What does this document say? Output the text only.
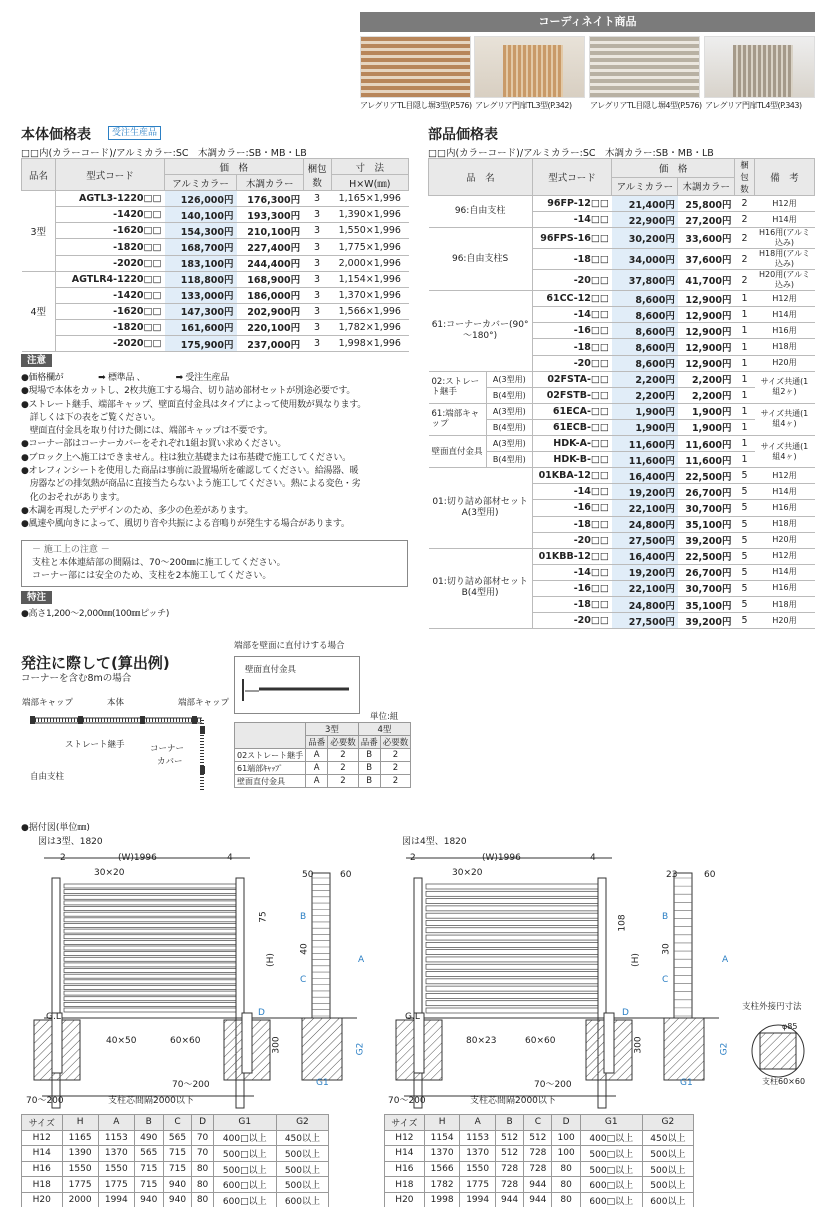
コーディネイト商品
アレグリアTL目隠し塀3型(P.576) アレグリア門扉TL3型(P.342) アレグリアTL目隠し塀4型(P.576) アレグリア門扉TL4型(P.343)
本体価格表	受注生産品
□□内(カラーコード)/アルミカラー:SC　木調カラー:SB・MB・LB
品名	型式コード	価　格		梱包数	寸　法
		アルミカラー	木調カラー		H×W(㎜)
3型	AGTL3-1220□□	126,000円	176,300円	3	1,165×1,996
	-1420□□	140,100円	193,300円	3	1,390×1,996
	-1620□□	154,300円	210,100円	3	1,550×1,996
	-1820□□	168,700円	227,400円	3	1,775×1,996
	-2020□□	183,100円	244,400円	3	2,000×1,996
4型	AGTLR4-1220□□	118,800円	168,900円	3	1,154×1,996
	-1420□□	133,000円	186,000円	3	1,370×1,996
	-1620□□	147,300円	202,900円	3	1,566×1,996
	-1820□□	161,600円	220,100円	3	1,782×1,996
	-2020□□	175,900円	237,000円	3	1,998×1,996
注意
●価格欄が　　　　➡ 標準品 、　　　　➡ 受注生産品
●現場で本体をカットし、2枚共施工する場合、切り詰め部材セットが別途必要です。
●ストレート継手、端部キャップ、壁面直付金具はタイプによって使用数が異なります。
　詳しくは下の表をご覧ください。
　壁面直付金具を取り付けた側には、端部キャップは不要です。
●コーナー部はコーナーカバーをそれぞれ1組お買い求めください。
●ブロック上へ施工はできません。柱は独立基礎または布基礎で施工してください。
●オレフィンシートを使用した商品は事前に設置場所を確認してください。給湯器、暖
　房器などの排気熱が商品に直接当たらないよう施工してください。熱による変色・劣
　化のおそれがあります。
●木調を再現したデザインのため、多少の色差があります。
●風速や風向きによって、風切り音や共振による音鳴りが発生する場合があります。
－ 施工上の注意 －
支柱と本体連結部の間隔は、70～200㎜に施工してください。
コーナー部には安全のため、支柱を2本施工してください。
特注
●高さ1,200～2,000㎜(100㎜ピッチ)
部品価格表
□□内(カラーコード)/アルミカラー:SC　木調カラー:SB・MB・LB
品　名		型式コード	価　格		梱包数	備　考
			アルミカラー	木調カラー		
96:自由支柱		96FP-12□□	21,400円	25,800円	2	H12用
		-14□□	22,900円	27,200円	2	H14用
96:自由支柱S		96FPS-16□□	30,200円	33,600円	2	H16用(アルミ込み)
		-18□□	34,000円	37,600円	2	H18用(アルミ込み)
		-20□□	37,800円	41,700円	2	H20用(アルミ込み)
61:コーナーカバー(90°～180°)		61CC-12□□	8,600円	12,900円	1	H12用
		-14□□	8,600円	12,900円	1	H14用
		-16□□	8,600円	12,900円	1	H16用
		-18□□	8,600円	12,900円	1	H18用
		-20□□	8,600円	12,900円	1	H20用
02:ストレート継手	A(3型用)	02FSTA-□□	2,200円	2,200円	1	サイズ共通(1組2ヶ)
	B(4型用)	02FSTB-□□	2,200円	2,200円	1	
61:端部キャップ	A(3型用)	61ECA-□□	1,900円	1,900円	1	サイズ共通(1組4ヶ)
	B(4型用)	61ECB-□□	1,900円	1,900円	1	
壁面直付金具	A(3型用)	HDK-A-□□	11,600円	11,600円	1	サイズ共通(1組4ヶ)
	B(4型用)	HDK-B-□□	11,600円	11,600円	1	
01:切り詰め部材セットA(3型用)		01KBA-12□□	16,400円	22,500円	5	H12用
		-14□□	19,200円	26,700円	5	H14用
		-16□□	22,100円	30,700円	5	H16用
		-18□□	24,800円	35,100円	5	H18用
		-20□□	27,500円	39,200円	5	H20用
01:切り詰め部材セットB(4型用)		01KBB-12□□	16,400円	22,500円	5	H12用
		-14□□	19,200円	26,700円	5	H14用
		-16□□	22,100円	30,700円	5	H16用
		-18□□	24,800円	35,100円	5	H18用
		-20□□	27,500円	39,200円	5	H20用
発注に際して(算出例)
コーナーを含む8mの場合
端部キャップ	本体	端部キャップ
ストレート継手	コーナー
カバー
自由支柱
端部を壁面に直付けする場合
壁面直付金具
単位:組
	3型		4型	
	品番	必要数	品番	必要数
02ストレート継手	A	2	B	2
61端部ｷｬｯﾌﾟ	A	2	B	2
壁面直付金具	A	2	B	2
●据付図(単位㎜)
図は3型、1820	図は4型、1820
2	(W)1996	4
30×20
75
(H)
G.L
40×50	60×60	300
70～200
70～200	支柱芯間隔2000以下
50	60
B
40
C
D
A
G2
G1
2	(W)1996	4
30×20
108
(H)
G.L
80×23	60×60	300
70～200
70～200	支柱芯間隔2000以下
23	60
B
30
C
D
A
G2
G1
支柱外接円寸法
φ85
支柱60×60
サイズ	H	A	B	C	D	G1	G2
H12	1165	1153	490	565	70	400□以上	450以上
H14	1390	1370	565	715	70	500□以上	500以上
H16	1550	1550	715	715	80	500□以上	500以上
H18	1775	1775	715	940	80	600□以上	500以上
H20	2000	1994	940	940	80	600□以上	600以上
サイズ	H	A	B	C	D	G1	G2
H12	1154	1153	512	512	100	400□以上	450以上
H14	1370	1370	512	728	100	500□以上	500以上
H16	1566	1550	728	728	80	500□以上	500以上
H18	1782	1775	728	944	80	600□以上	500以上
H20	1998	1994	944	944	80	600□以上	600以上
